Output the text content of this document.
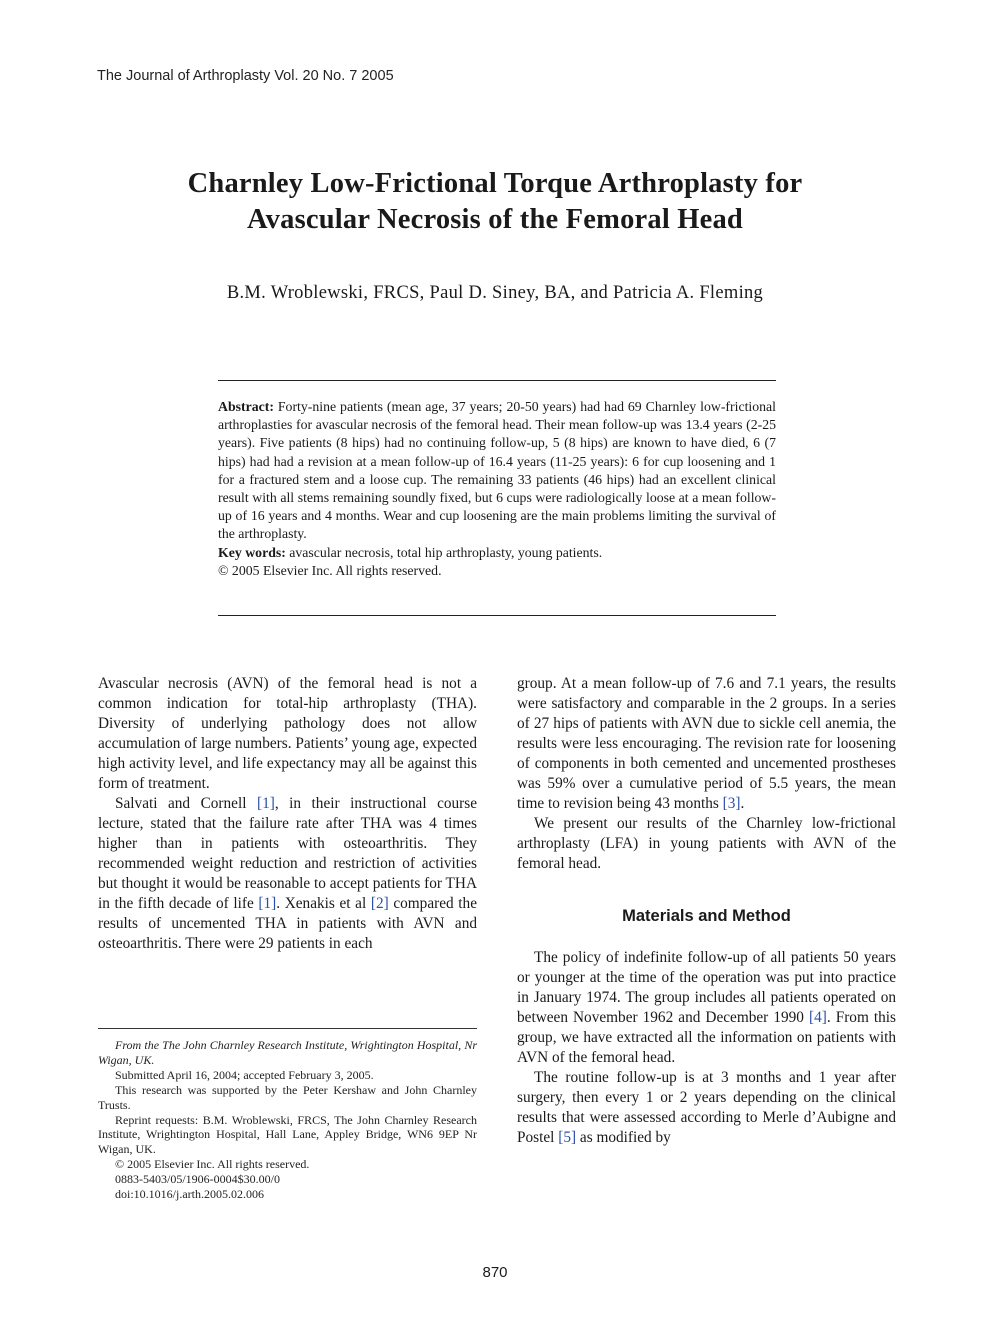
The Journal of Arthroplasty Vol. 20 No. 7 2005
Charnley Low-Frictional Torque Arthroplasty for
Avascular Necrosis of the Femoral Head
B.M. Wroblewski, FRCS, Paul D. Siney, BA, and Patricia A. Fleming

Abstract: Forty-nine patients (mean age, 37 years; 20-50 years) had had 69 Charnley low-frictional arthroplasties for avascular necrosis of the femoral head. Their mean follow-up was 13.4 years (2-25 years). Five patients (8 hips) had no continuing follow-up, 5 (8 hips) are known to have died, 6 (7 hips) had had a revision at a mean follow-up of 16.4 years (11-25 years): 6 for cup loosening and 1 for a fractured stem and a loose cup. The remaining 33 patients (46 hips) had an excellent clinical result with all stems remaining soundly fixed, but 6 cups were radiologically loose at a mean follow-up of 16 years and 4 months. Wear and cup loosening are the main problems limiting the survival of the arthroplasty.

Key words: avascular necrosis, total hip arthroplasty, young patients.

© 2005 Elsevier Inc. All rights reserved.

Avascular necrosis (AVN) of the femoral head is not a common indication for total-hip arthroplasty (THA). Diversity of underlying pathology does not allow accumulation of large numbers. Patients’ young age, expected high activity level, and life expectancy may all be against this form of treatment.

Salvati and Cornell [1], in their instructional course lecture, stated that the failure rate after THA was 4 times higher than in patients with osteoarthritis. They recommended weight reduction and restriction of activities but thought it would be reasonable to accept patients for THA in the fifth decade of life [1]. Xenakis et al [2] compared the results of uncemented THA in patients with AVN and osteoarthritis. There were 29 patients in each

From the The John Charnley Research Institute, Wrightington Hospital, Nr Wigan, UK.

Submitted April 16, 2004; accepted February 3, 2005.

This research was supported by the Peter Kershaw and John Charnley Trusts.

Reprint requests: B.M. Wroblewski, FRCS, The John Charnley Research Institute, Wrightington Hospital, Hall Lane, Appley Bridge, WN6 9EP Nr Wigan, UK.

© 2005 Elsevier Inc. All rights reserved.

0883-5403/05/1906-0004$30.00/0

doi:10.1016/j.arth.2005.02.006

group. At a mean follow-up of 7.6 and 7.1 years, the results were satisfactory and comparable in the 2 groups. In a series of 27 hips of patients with AVN due to sickle cell anemia, the results were less encouraging. The revision rate for loosening of components in both cemented and uncemented prostheses was 59% over a cumulative period of 5.5 years, the mean time to revision being 43 months [3].

We present our results of the Charnley low-frictional arthroplasty (LFA) in young patients with AVN of the femoral head.

Materials and Method

The policy of indefinite follow-up of all patients 50 years or younger at the time of the operation was put into practice in January 1974. The group includes all patients operated on between November 1962 and December 1990 [4]. From this group, we have extracted all the information on patients with AVN of the femoral head.

The routine follow-up is at 3 months and 1 year after surgery, then every 1 or 2 years depending on the clinical results that were assessed according to Merle d’Aubigne and Postel [5] as modified by

870
